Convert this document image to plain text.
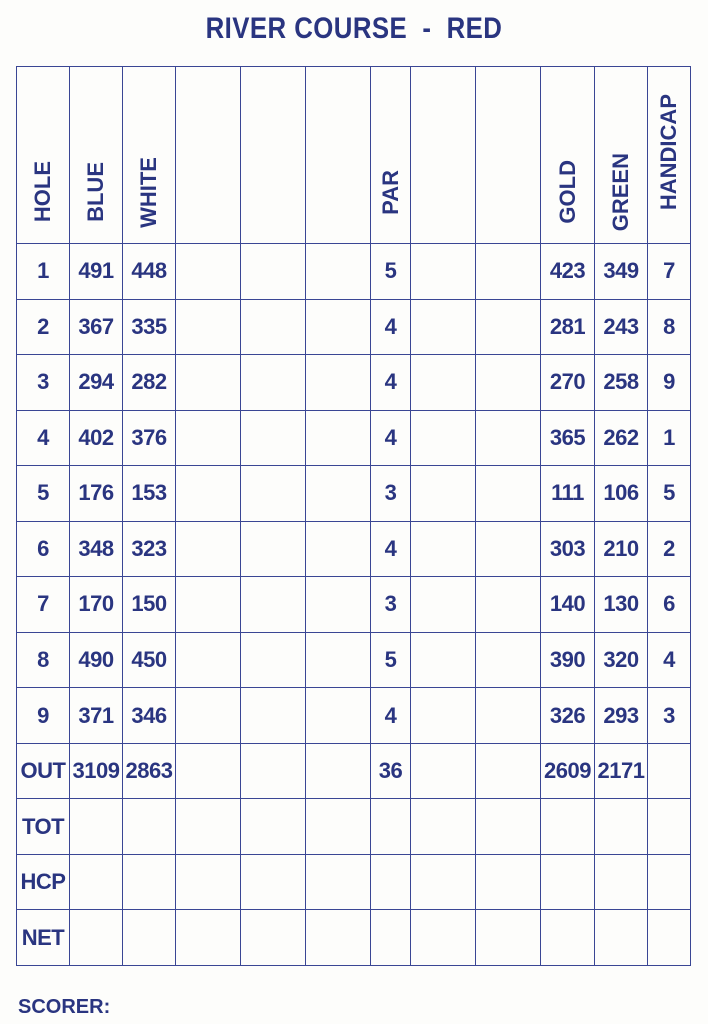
RIVER COURSE  -  RED
HOLE	BLUE	WHITE				PAR			GOLD	GREEN	HANDICAP
1	491	448				5			423	349	7
2	367	335				4			281	243	8
3	294	282				4			270	258	9
4	402	376				4			365	262	1
5	176	153				3			111	106	5
6	348	323				4			303	210	2
7	170	150				3			140	130	6
8	490	450				5			390	320	4
9	371	346				4			326	293	3
OUT	3109	2863				36			2609	2171	
TOT											
HCP											
NET											
SCORER:
